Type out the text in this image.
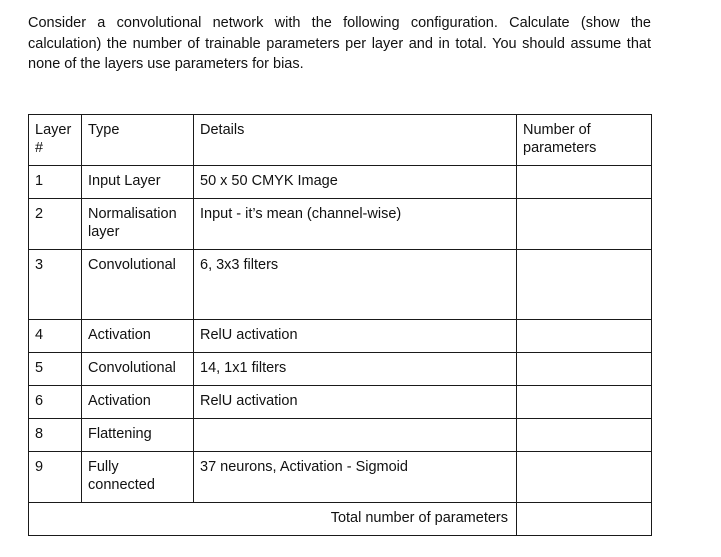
Consider a convolutional network with the following configuration. Calculate (show the calculation) the number of trainable parameters per layer and in total. You should assume that none of the layers use parameters for bias.

Layer #	Type	Details	Number of parameters
1	Input Layer	50 x 50 CMYK Image	
2	Normalisation layer	Input - it’s mean (channel-wise)	
3	Convolutional	6, 3x3 filters	
4	Activation	RelU activation	
5	Convolutional	14, 1x1 filters	
6	Activation	RelU activation	
8	Flattening		
9	Fully connected	37 neurons, Activation - Sigmoid	
Total number of parameters			
